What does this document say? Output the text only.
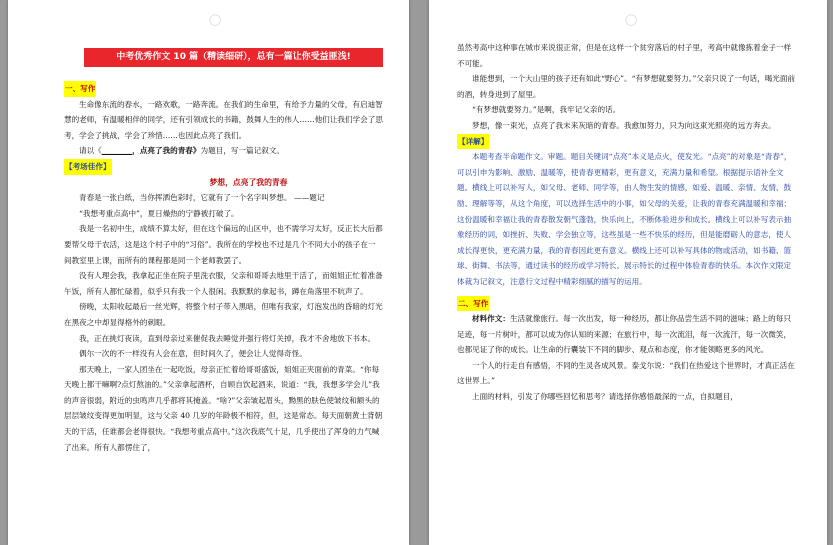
○
中考优秀作文 10 篇（精读细研），总有一篇让你受益匪浅!

一、写作

生命像东流的春水，一路欢歌，一路奔流。在我们的生命里，有给予力量的父母，有启迪智慧的老师，有温暖相伴的同学，还有引领成长的书籍，鼓舞人生的伟人……他们让我们学会了思考，学会了挑战，学会了珍惜……也因此点亮了我们。

请以《________，点亮了我的青春》为题目，写一篇记叙文。

【考场佳作】

梦想，点亮了我的青春

青春是一张白纸，当你挥洒色彩时，它就有了一个名字叫梦想。 ——题记

“我想考重点高中”，夏日燥热的宁静被打破了。

我是一名初中生，成绩不算太好，但在这个偏远的山区中，也不需学习太好，反正长大后都要帮父母干农活，这是这个村子中的“习俗”。我所在的学校也不过是几个不同大小的孩子在一间教室里上课，而所有的课程都是同一个老师教罢了。

没有人理会我，我拿起正坐在院子里洗衣服，父亲和哥哥去地里干活了，而姐姐正忙着准备午饭，所有人都忙碌着，似乎只有我一个人很闲。我默默的拿起书，蹲在角落里不吭声了。

傍晚，太阳收起最后一丝光辉，将整个村子带入黑暗，但唯有我家，灯泡发出的昏暗的灯光在黑夜之中却显得格外的刺眼。

我，正在挑灯夜读，直到母亲过来催促我去睡觉并强行将灯关掉，我才不舍地放下书本。

偶尔一次的不一样没有人会在意，但时间久了，便会让人觉得奇怪。

那天晚上，一家人团坐在一起吃饭，母亲正忙着给哥哥盛饭，姐姐正夹面前的青菜。“你每天晚上都干嘛啊?点灯熬油的。”父亲拿起酒杯，自顾自饮起酒来，说道：“我，我想多学会儿”我的声音很弱，附近的虫鸣声几乎都将其掩盖。“啥?”父亲皱起眉头，黝黑的肤色使皱纹和额头的层层皱纹变得更加明显，这与父亲 40 几岁的年龄极不相符，但，这是常态。每天面朝黄土背朝天的干活，任谁都会老得很快。“我想考重点高中。”这次我底气十足，几乎使出了浑身的力气喊了出来。所有人都愣住了，

○

虽然考高中这种事在城市来说很正常，但是在这样一个贫穷落后的村子里，考高中就像拣着金子一样不可能。

谁能想到，一个大山里的孩子还有如此“野心”。“有梦想就要努力。”父亲只说了一句话，喝光面前的酒，转身进到了屋里。

“有梦想就要努力。”是啊，我牢记父亲的话。

梦想，像一束光，点亮了我未来灰暗的青春。我愈加努力，只为向这束光照亮的远方奔去。

【详解】

本题考查半命题作文。审题。题目关键词“点亮”本义是点火，使发光。“点亮”的对象是“青春”，可以引申为影响、激励、温暖等，使青春更精彩，更有意义，充满力量和希望。根据提示语补全文题。横线上可以补写人，如父母、老师、同学等，由人物生发的情感，如爱、温暖、亲情、友情、鼓励、理解等等，从这个角度，可以选择生活中的小事，如父母的关爱，让我的青春充满温暖和幸福；这份温暖和幸福让我的青春散发朝气蓬勃，快乐向上，不断体验进步和成长。横线上可以补写表示抽象经历的词，如挫折、失败、学会独立等，这些虽是一些不快乐的经历，但是能磨砺人的意志，使人成长得更快，更充满力量，我的青春因此更有意义。横线上还可以补写具体的物或活动，如书籍、篮球、街舞、书法等，通过读书的经历或学习特长、展示特长的过程中体验青春的快乐。本次作文限定体裁为记叙文，注意行文过程中精彩细腻的描写的运用。

二、写作

材料作文：生活就像旅行。每一次出发，每一种经历，都让你品尝生活不同的滋味；路上的每只足迹，每一片树叶，都可以成为你认知的来源；在旅行中，每一次流泪，每一次流汗，每一次微笑，也都见证了你的成长。让生命的行囊装下不同的脚步、观点和态度，你才能领略更多的风光。

一个人的行走自有感悟，不同的生灵各成风景。泰戈尔说：“我们在热爱这个世界时，才真正活在这世界上。”

上面的材料，引发了你哪些回忆和思考？请选择你感悟最深的一点，自拟题目，
